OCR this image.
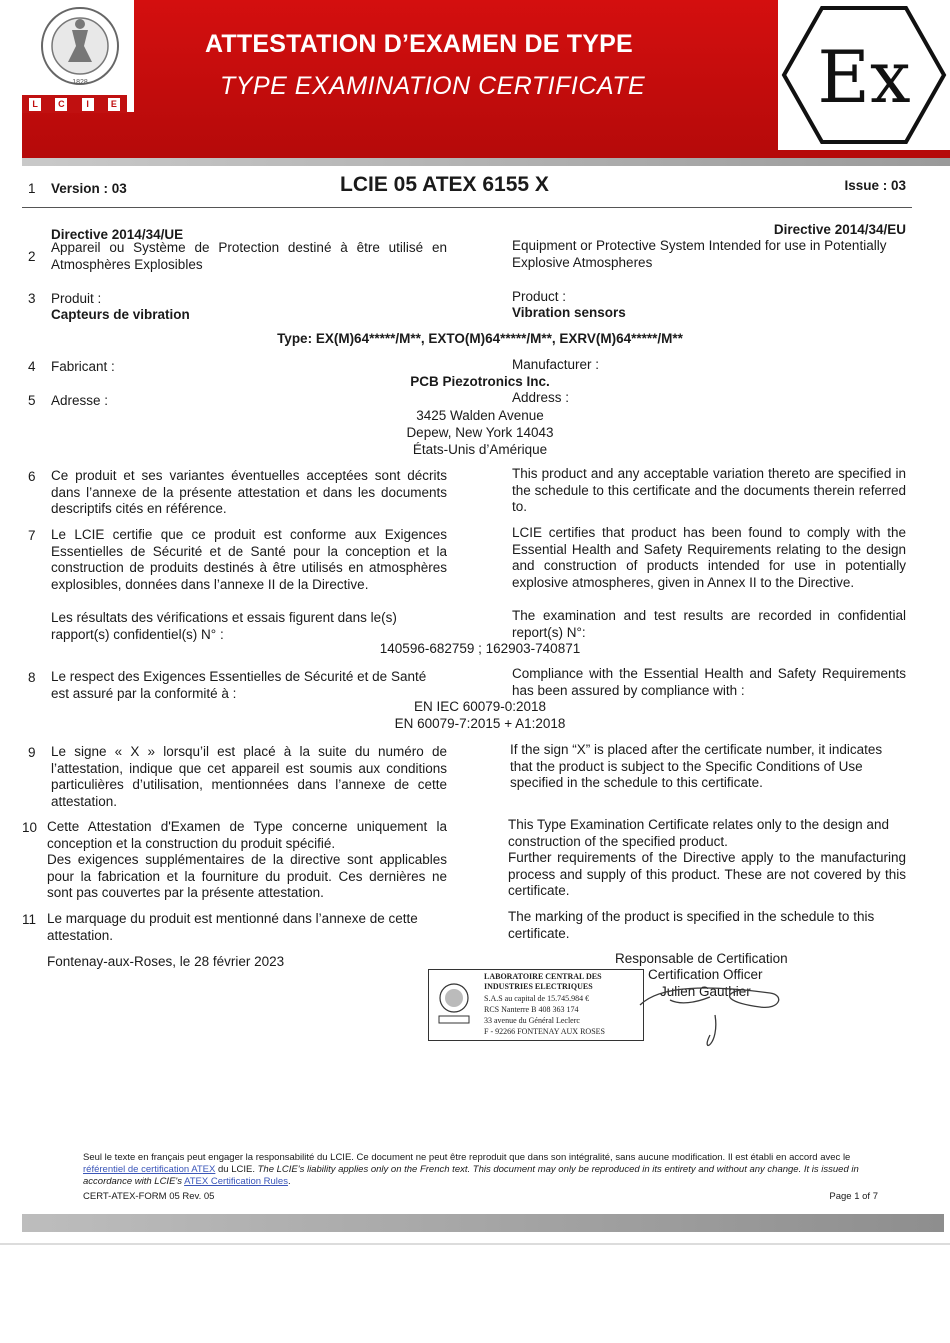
1828
L	C	I	E
ATTESTATION D’EXAMEN DE TYPE
TYPE EXAMINATION CERTIFICATE	Ex
1 Version : 03	LCIE 05 ATEX 6155 X	Issue : 03
Directive 2014/34/UE	Directive 2014/34/EU
2
Appareil ou Système de Protection destiné à être utilisé en Atmosphères Explosibles
Equipment or Protective System Intended for use in Potentially Explosive Atmospheres
3 Produit :
Capteurs de vibration
Product :
Vibration sensors
Type: EX(M)64*****/M**, EXTO(M)64*****/M**, EXRV(M)64*****/M**
4 Fabricant :	Manufacturer :
PCB Piezotronics Inc.
5 Adresse :	Address :
3425 Walden Avenue
Depew, New York 14043
États-Unis d’Amérique
6 Ce produit et ses variantes éventuelles acceptées sont décrits dans l’annexe de la présente attestation et dans les documents descriptifs cités en référence.
This product and any acceptable variation thereto are specified in the schedule to this certificate and the documents therein referred to.
7 Le LCIE certifie que ce produit est conforme aux Exigences Essentielles de Sécurité et de Santé pour la conception et la construction de produits destinés à être utilisés en atmosphères explosibles, données dans l’annexe II de la Directive.
Les résultats des vérifications et essais figurent dans le(s) rapport(s) confidentiel(s) N° :
LCIE certifies that product has been found to comply with the Essential Health and Safety Requirements relating to the design and construction of products intended for use in potentially explosive atmospheres, given in Annex II to the Directive.
The examination and test results are recorded in confidential report(s) N°:
140596-682759 ; 162903-740871
8 Le respect des Exigences Essentielles de Sécurité et de Santé est assuré par la conformité à :
Compliance with the Essential Health and Safety Requirements has been assured by compliance with :
EN IEC 60079-0:2018
EN 60079-7:2015 + A1:2018
9 Le signe « X » lorsqu’il est placé à la suite du numéro de l’attestation, indique que cet appareil est soumis aux conditions particulières d’utilisation, mentionnées dans l’annexe de cette attestation.
If the sign “X” is placed after the certificate number, it indicates that the product is subject to the Specific Conditions of Use specified in the schedule to this certificate.
10 Cette Attestation d'Examen de Type concerne uniquement la conception et la construction du produit spécifié.
Des exigences supplémentaires de la directive sont applicables pour la fabrication et la fourniture du produit. Ces dernières ne sont pas couvertes par la présente attestation.
This Type Examination Certificate relates only to the design and construction of the specified product.
Further requirements of the Directive apply to the manufacturing process and supply of this product. These are not covered by this certificate.
11 Le marquage du produit est mentionné dans l’annexe de cette attestation.
The marking of the product is specified in the schedule to this certificate.
Fontenay-aux-Roses, le 28 février 2023	Responsable de Certification
Certification Officer
Julien Gauthier
LABORATOIRE CENTRAL DES
INDUSTRIES ELECTRIQUES
S.A.S au capital de 15.745.984 €
RCS Nanterre B 408 363 174
33 avenue du Général Leclerc
F - 92266 FONTENAY AUX ROSES
Seul le texte en français peut engager la responsabilité du LCIE. Ce document ne peut être reproduit que dans son intégralité, sans aucune modification. Il est établi en accord avec le référentiel de certification ATEX du LCIE. The LCIE's liability applies only on the French text. This document may only be reproduced in its entirety and without any change. It is issued in accordance with LCIE's ATEX Certification Rules.
CERT-ATEX-FORM 05 Rev. 05	Page 1 of 7
